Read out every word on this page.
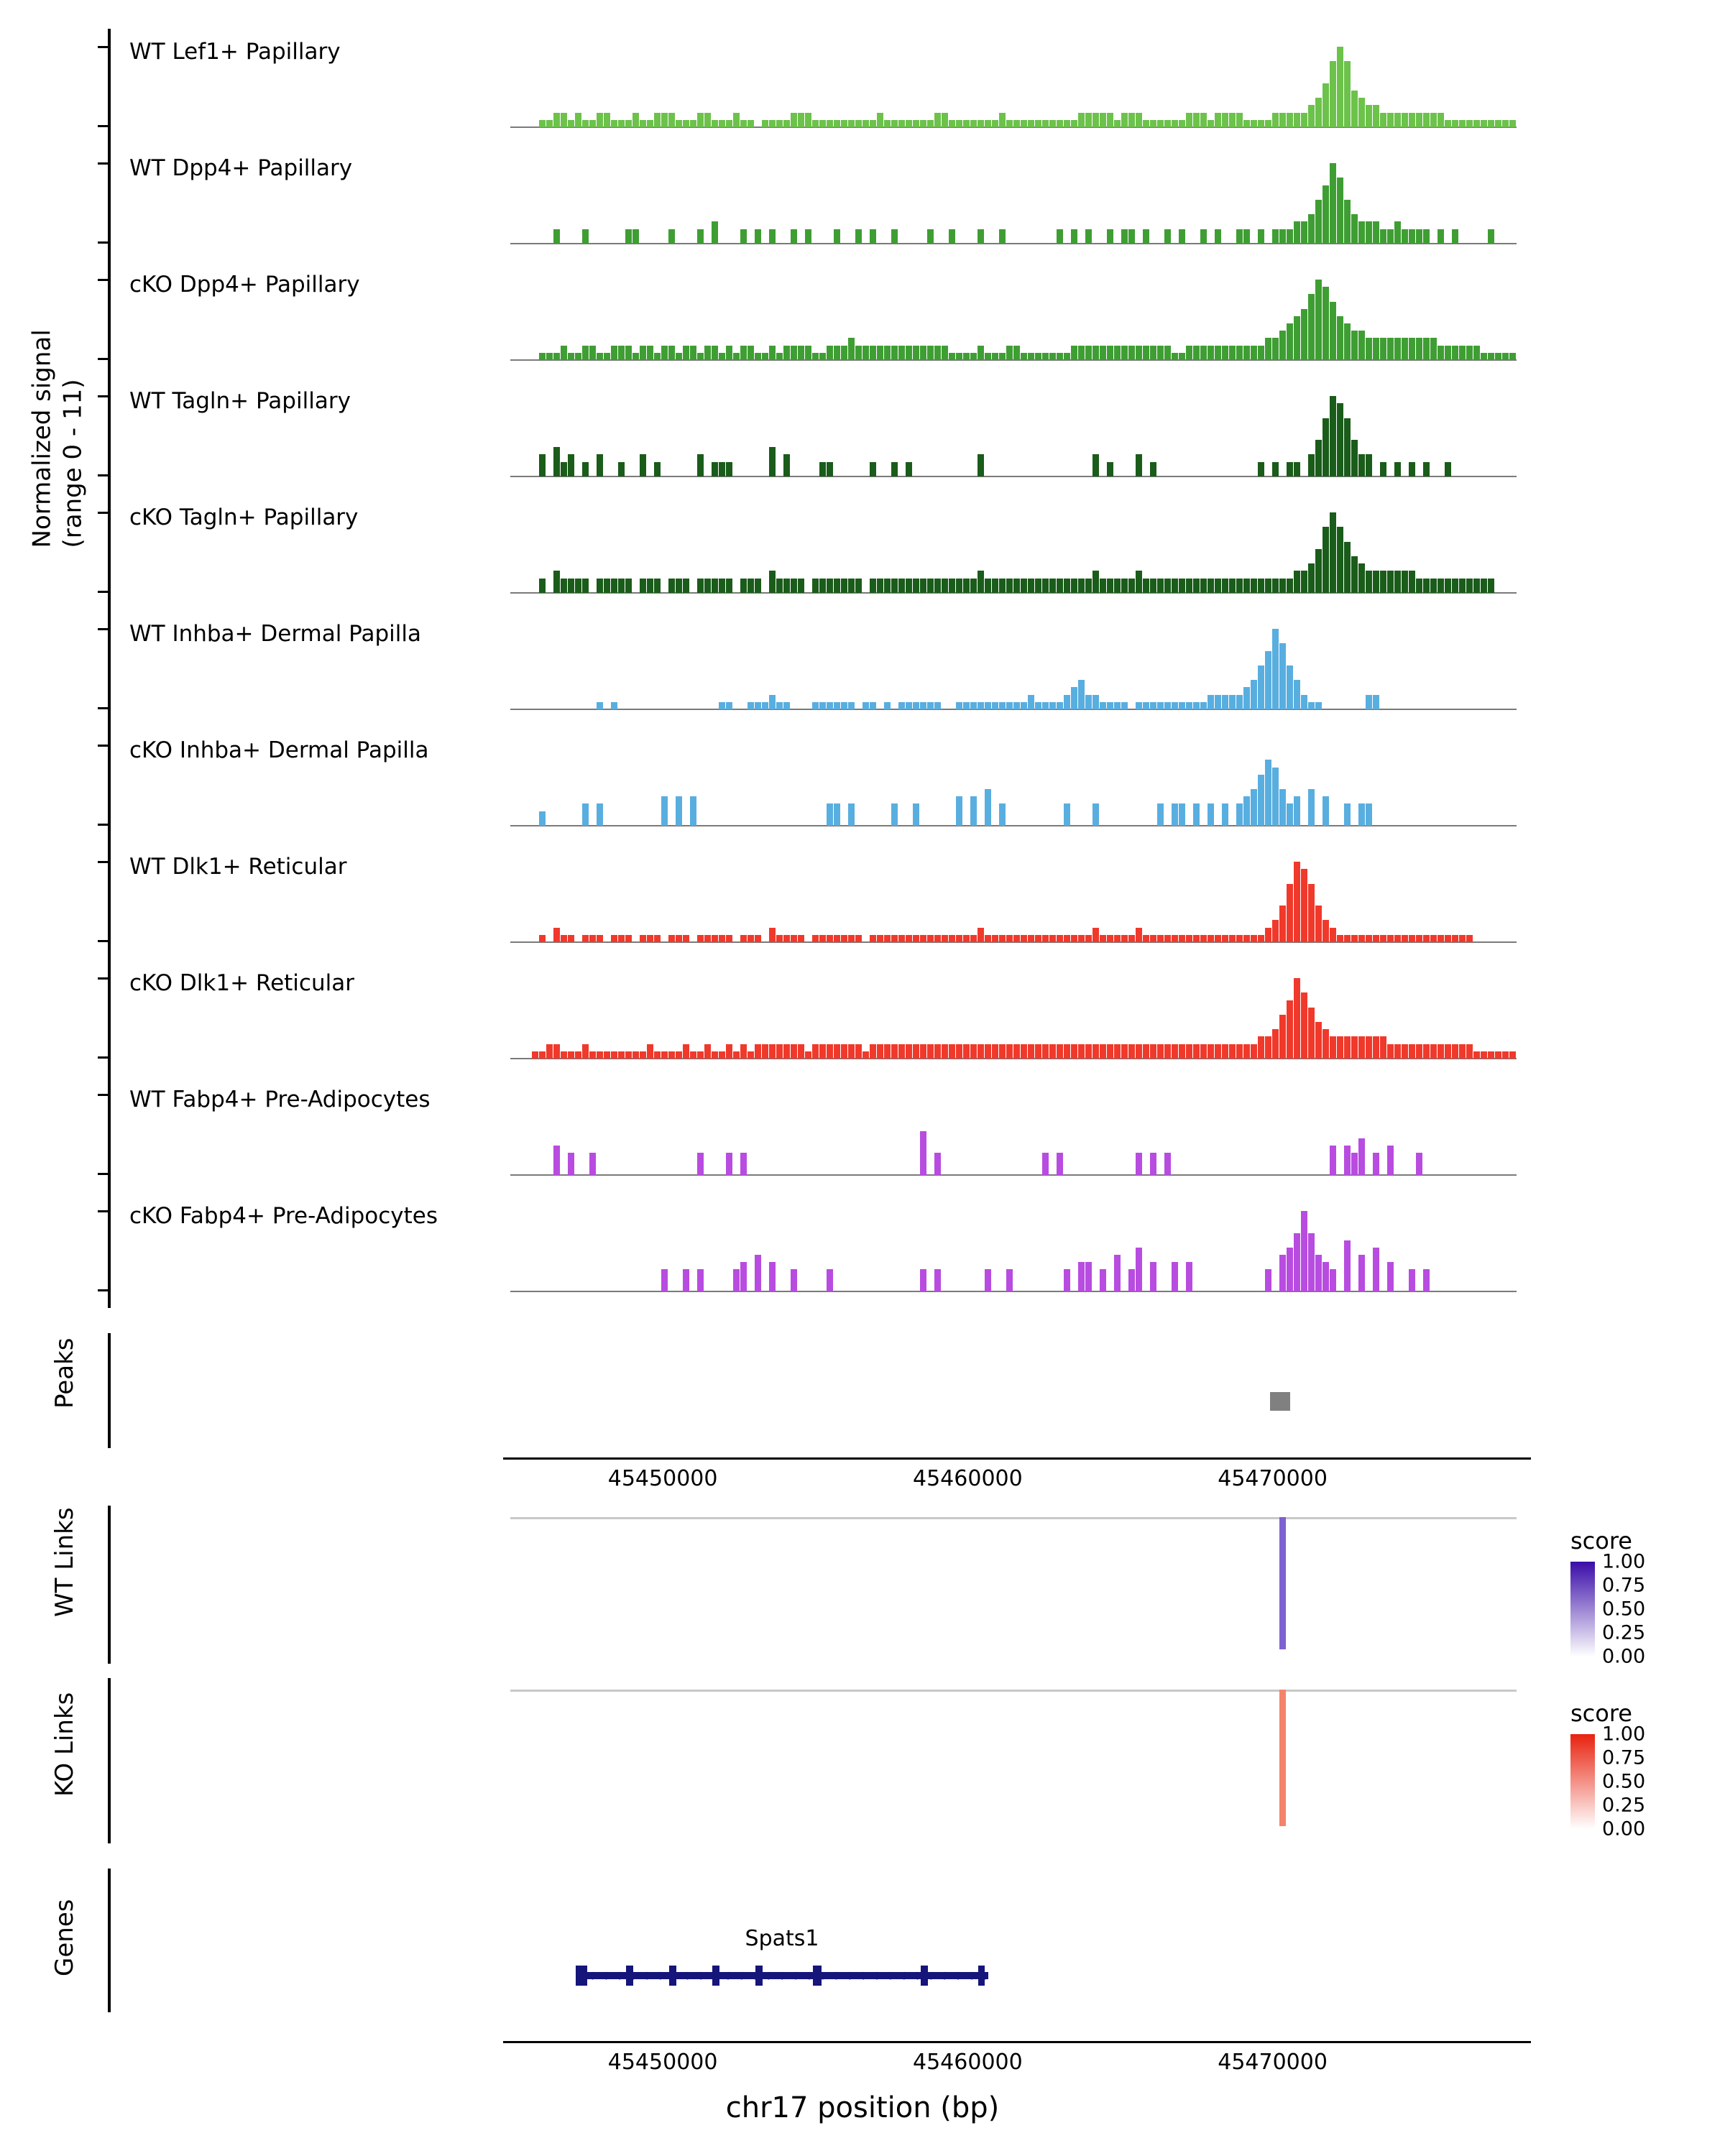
Normalized signal (range 0 - 11)
WT Lef1+ Papillary
WT Dpp4+ Papillary
cKO Dpp4+ Papillary
WT Tagln+ Papillary
cKO Tagln+ Papillary
WT Inhba+ Dermal Papilla
cKO Inhba+ Dermal Papilla
WT Dlk1+ Reticular
cKO Dlk1+ Reticular
WT Fabp4+ Pre-Adipocytes
cKO Fabp4+ Pre-Adipocytes
Peaks
45450000	45460000	45470000
WT Links
KO Links
Genes	Spats1
◄ ◄ ◄ ◄ ◄ ◄ ◄ ◄ ◄ ◄ ◄ ◄ ◄ ◄ ◄ ◄ ◄ ◄ ◄ ◄ ◄ ◄ ◄ ◄ ◄ ◄ ◄ ◄ ◄ ◄
45450000	45460000	45470000
chr17 position (bp)
score
1.00
0.75
0.50
0.25
0.00
score
1.00
0.75
0.50
0.25
0.00
